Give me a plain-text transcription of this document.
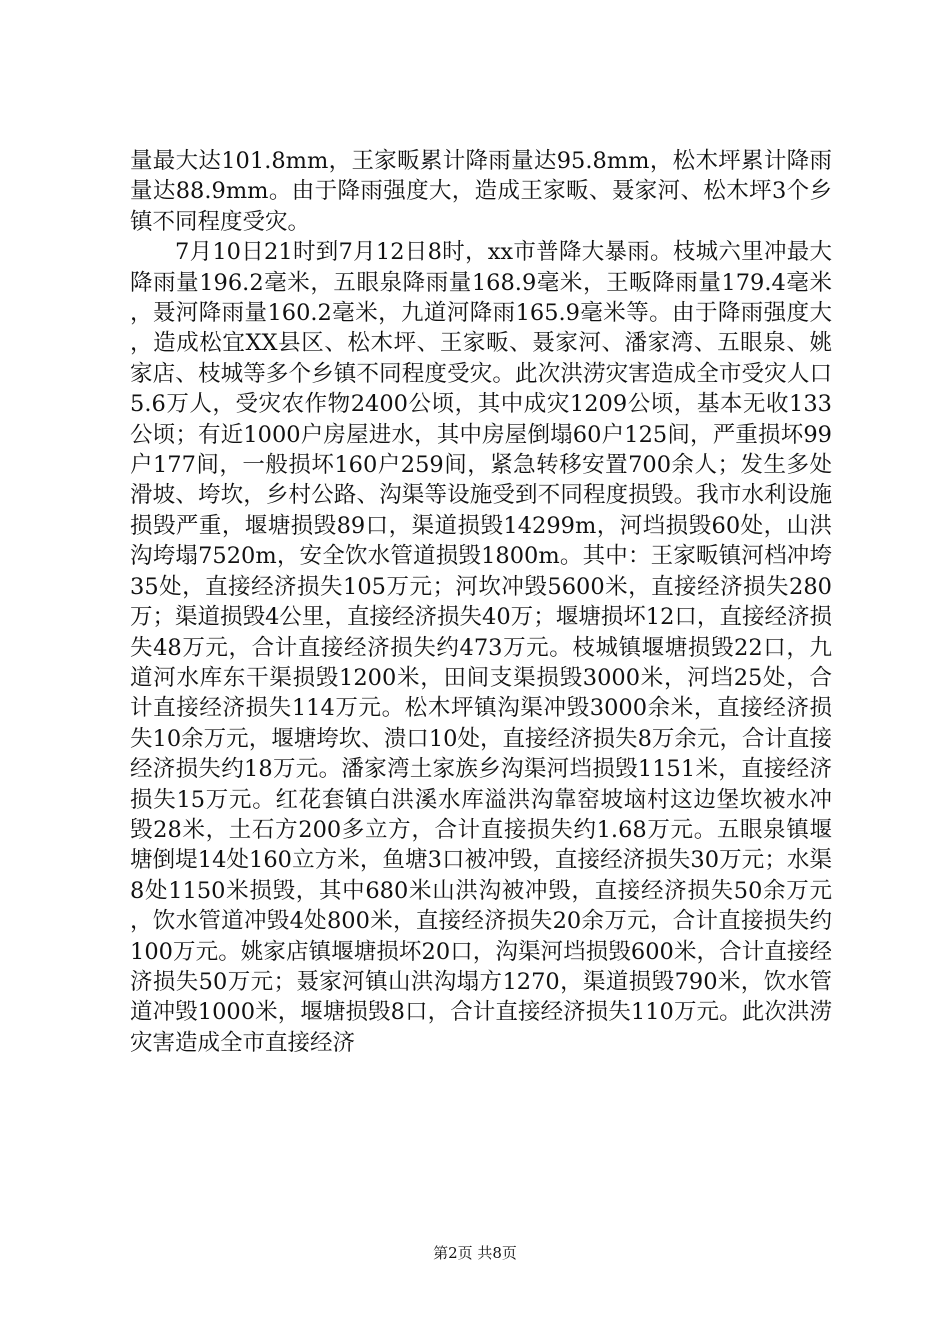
量最大达101.8mm，王家畈累计降雨量达95.8mm，松木坪累计降雨量达88.9mm。由于降雨强度大，造成王家畈、聂家河、松木坪3个乡镇不同程度受灾。

7月10日21时到7月12日8时，xx市普降大暴雨。枝城六里冲最大降雨量196.2毫米，五眼泉降雨量168.9毫米，王畈降雨量179.4毫米，聂河降雨量160.2毫米，九道河降雨165.9毫米等。由于降雨强度大，造成松宜XX县区、松木坪、王家畈、聂家河、潘家湾、五眼泉、姚家店、枝城等多个乡镇不同程度受灾。此次洪涝灾害造成全市受灾人口5.6万人，受灾农作物2400公顷，其中成灾1209公顷，基本无收133公顷；有近1000户房屋进水，其中房屋倒塌60户125间，严重损坏99户177间，一般损坏160户259间，紧急转移安置700余人；发生多处滑坡、垮坎，乡村公路、沟渠等设施受到不同程度损毁。我市水利设施损毁严重，堰塘损毁89口，渠道损毁14299m，河垱损毁60处，山洪沟垮塌7520m，安全饮水管道损毁1800m。其中：王家畈镇河档冲垮35处，直接经济损失105万元；河坎冲毁5600米，直接经济损失280万；渠道损毁4公里，直接经济损失40万；堰塘损坏12口，直接经济损失48万元，合计直接经济损失约473万元。枝城镇堰塘损毁22口，九道河水库东干渠损毁1200米，田间支渠损毁3000米，河垱25处，合计直接经济损失114万元。松木坪镇沟渠冲毁3000余米，直接经济损失10余万元，堰塘垮坎、溃口10处，直接经济损失8万余元，合计直接经济损失约18万元。潘家湾土家族乡沟渠河垱损毁1151米，直接经济损失15万元。红花套镇白洪溪水库溢洪沟靠窑坡垴村这边堡坎被水冲毁28米，土石方200多立方，合计直接损失约1.68万元。五眼泉镇堰塘倒堤14处160立方米，鱼塘3口被冲毁，直接经济损失30万元；水渠8处1150米损毁，其中680米山洪沟被冲毁，直接经济损失50余万元，饮水管道冲毁4处800米，直接经济损失20余万元，合计直接损失约100万元。姚家店镇堰塘损坏20口，沟渠河垱损毁600米，合计直接经济损失50万元；聂家河镇山洪沟塌方1270，渠道损毁790米，饮水管道冲毁1000米，堰塘损毁8口，合计直接经济损失110万元。此次洪涝灾害造成全市直接经济

第2页 共8页
